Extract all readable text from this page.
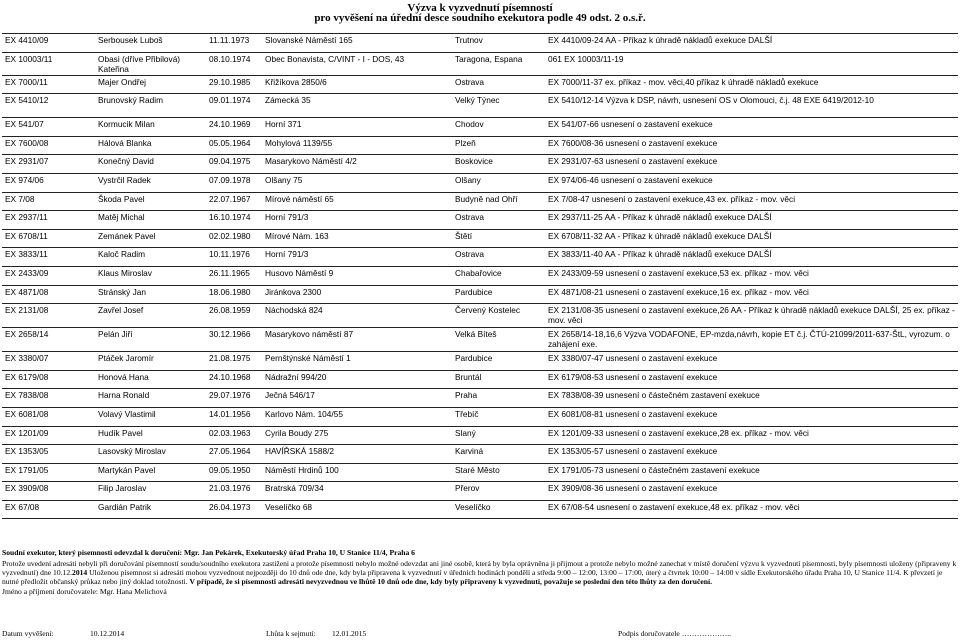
Výzva k vyzvednutí písemností
pro vyvěšení na úřední desce soudního exekutora podle 49 odst. 2 o.s.ř.
EX 4410/09	Serbousek Luboš	11.11.1973	Slovanské Náměstí 165	Trutnov	EX 4410/09-24 AA - Příkaz k úhradě nákladů exekuce DALŠÍ
EX 10003/11	Obasi (dříve Přibilová) Kateřina	08.10.1974	Obec Bonavista, C/VINT - I - DOS, 43	Taragona, Espana	061 EX 10003/11-19
EX 7000/11	Majer Ondřej	29.10.1985	Křižíkova 2850/6	Ostrava	EX 7000/11-37 ex. příkaz - mov. věci,40 příkaz k úhradě nákladů exekuce
EX 5410/12	Brunovský Radim	09.01.1974	Zámecká 35	Velký Týnec	EX 5410/12-14 Výzva k DSP, návrh, usnesení OS v Olomouci, č.j. 48 EXE 6419/2012-10
EX 541/07	Kormucik Milan	24.10.1969	Horní 371	Chodov	EX 541/07-66 usnesení o zastavení exekuce
EX 7600/08	Hálová Blanka	05.05.1964	Mohylová 1139/55	Plzeň	EX 7600/08-36 usnesení o zastavení exekuce
EX 2931/07	Konečný David	09.04.1975	Masarykovo Náměstí 4/2	Boskovice	EX 2931/07-63 usnesení o zastavení exekuce
EX 974/06	Vystrčil Radek	07.09.1978	Olšany 75	Olšany	EX 974/06-46 usnesení o zastavení exekuce
EX 7/08	Škoda Pavel	22.07.1967	Mírové náměstí 65	Budyně nad Ohří	EX 7/08-47 usnesení o zastavení exekuce,43 ex. příkaz - mov. věci
EX 2937/11	Matěj Michal	16.10.1974	Horní 791/3	Ostrava	EX 2937/11-25 AA - Příkaz k úhradě nákladů exekuce DALŠÍ
EX 6708/11	Zemánek Pavel	02.02.1980	Mírové Nám. 163	Štětí	EX 6708/11-32 AA - Příkaz k úhradě nákladů exekuce DALŠÍ
EX 3833/11	Kaloč Radim	10.11.1976	Horní 791/3	Ostrava	EX 3833/11-40 AA - Příkaz k úhradě nákladů exekuce DALŠÍ
EX 2433/09	Klaus Miroslav	26.11.1965	Husovo Náměstí 9	Chabařovice	EX 2433/09-59 usnesení o zastavení exekuce,53 ex. příkaz - mov. věci
EX 4871/08	Stránský Jan	18.06.1980	Jiránkova 2300	Pardubice	EX 4871/08-21 usnesení o zastavení exekuce,16 ex. příkaz - mov. věci
EX 2131/08	Zavřel Josef	26.08.1959	Náchodská 824	Červený Kostelec	EX 2131/08-35 usnesení o zastavení exekuce,26 AA - Příkaz k úhradě nákladů exekuce DALŠÍ, 25 ex. příkaz - mov. věci
EX 2658/14	Pelán Jiří	30.12.1966	Masarykovo náměstí 87	Velká Bíteš	EX 2658/14-18,16,6 Výzva VODAFONE, EP-mzda,návrh, kopie ET č.j. ČTÚ-21099/2011-637-ŠtL, vyrozum. o zahájení exe.
EX 3380/07	Ptáček Jaromír	21.08.1975	Pernštýnské Náměstí 1	Pardubice	EX 3380/07-47 usnesení o zastavení exekuce
EX 6179/08	Honová Hana	24.10.1968	Nádražní 994/20	Bruntál	EX 6179/08-53 usnesení o zastavení exekuce
EX 7838/08	Harna Ronald	29.07.1976	Ječná 546/17	Praha	EX 7838/08-39 usnesení o částečném zastavení exekuce
EX 6081/08	Volavý Vlastimil	14.01.1956	Karlovo Nám. 104/55	Třebíč	EX 6081/08-81 usnesení o zastavení exekuce
EX 1201/09	Hudík Pavel	02.03.1963	Cyrila Boudy 275	Slaný	EX 1201/09-33 usnesení o zastavení exekuce,28 ex. příkaz - mov. věci
EX 1353/05	Lasovský Miroslav	27.05.1964	HAVÍŘSKÁ 1588/2	Karviná	EX 1353/05-57 usnesení o zastavení exekuce
EX 1791/05	Martykán Pavel	09.05.1950	Náměstí Hrdinů 100	Staré Město	EX 1791/05-73 usnesení o částečném zastavení exekuce
EX 3909/08	Filip Jaroslav	21.03.1976	Bratrská 709/34	Přerov	EX 3909/08-36 usnesení o zastavení exekuce
EX 67/08	Gardián Patrik	26.04.1973	Veselíčko 68	Veselíčko	EX 67/08-54 usnesení o zastavení exekuce,48 ex. příkaz - mov. věci
Soudní exekutor, který písemnosti odevzdal k doručení: Mgr. Jan Pekárek, Exekutorský úřad Praha 10, U Stanice 11/4, Praha 6
Protože uvedení adresáti nebyli při doručování písemností soudu/soudního exekutora zastiženi a protože písemnosti nebylo možné odevzdat ani jiné osobě, která by byla oprávněna ji přijmout a protože nebylo možné zanechat v místě doručení výzvu k vyzvednutí písemnosti, byly písemnosti uloženy (připraveny k vyzvednutí) dne 10.12.2014 Uloženou písemnost si adresáti mohou vyzvednout nejpozději do 10 dnů ode dne, kdy byla připravena k vyzvednutí v úředních hodinách pondělí a středa 9:00 – 12:00, 13:00 – 17:00, úterý a čtvrtek 10:00 – 14:00 v sídle Exekutorského úřadu Praha 10, U Stanice 11/4. K převzetí je nutné předložit občanský průkaz nebo jiný doklad totožnosti. V případě, že si písemnosti adresáti nevyzvednou ve lhůtě 10 dnů ode dne, kdy byly připraveny k vyzvednutí, považuje se poslední den této lhůty za den doručení.
Jméno a příjmení doručovatele: Mgr. Hana Melichová
Datum vyvěšení:	10.12.2014	Lhůta k sejmutí: 12.01.2015	Podpis doručovatele ………………..
